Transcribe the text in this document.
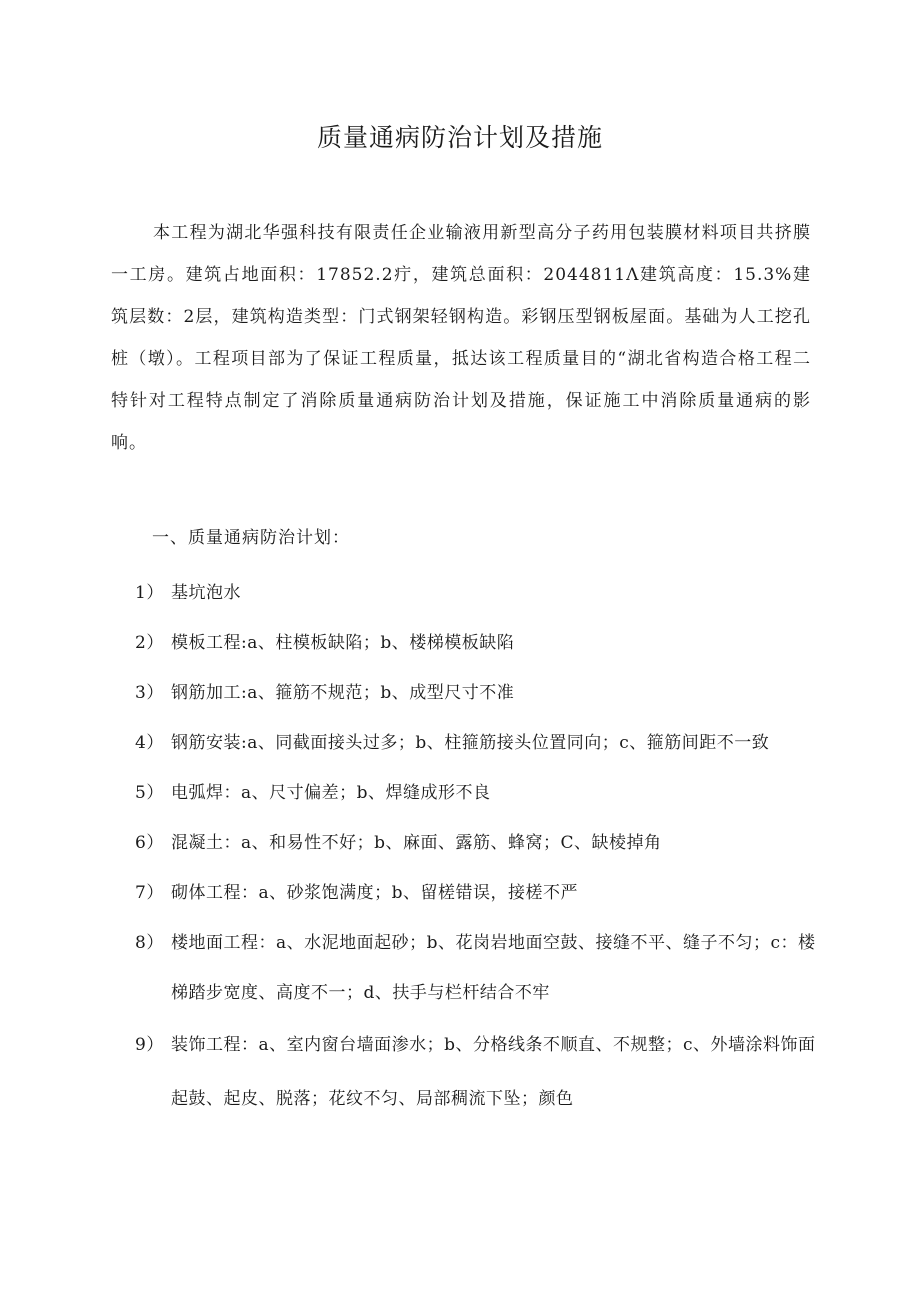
质量通病防治计划及措施

本工程为湖北华强科技有限责任企业输液用新型高分子药用包装膜材料项目共挤膜一工房。建筑占地面积：17852.2疔，建筑总面积：2044811Λ建筑高度：15.3%建筑层数：2层，建筑构造类型：门式钢架轻钢构造。彩钢压型钢板屋面。基础为人工挖孔桩（墩）。工程项目部为了保证工程质量，抵达该工程质量目的“湖北省构造合格工程二特针对工程特点制定了消除质量通病防治计划及措施，保证施工中消除质量通病的影响。

一、质量通病防治计划：
1） 基坑泡水
2） 模板工程:a、柱模板缺陷；b、楼梯模板缺陷
3） 钢筋加工:a、箍筋不规范；b、成型尺寸不准
4） 钢筋安装:a、同截面接头过多；b、柱箍筋接头位置同向；c、箍筋间距不一致
5） 电弧焊：a、尺寸偏差；b、焊缝成形不良
6） 混凝土：a、和易性不好；b、麻面、露筋、蜂窝；C、缺棱掉角
7） 砌体工程：a、砂浆饱满度；b、留槎错误，接槎不严
8） 楼地面工程：a、水泥地面起砂；b、花岗岩地面空鼓、接缝不平、缝子不匀；c：楼梯踏步宽度、高度不一；d、扶手与栏杆结合不牢
9） 装饰工程：a、室内窗台墙面渗水；b、分格线条不顺直、不规整；c、外墙涂料饰面起鼓、起皮、脱落；花纹不匀、局部稠流下坠；颜色
